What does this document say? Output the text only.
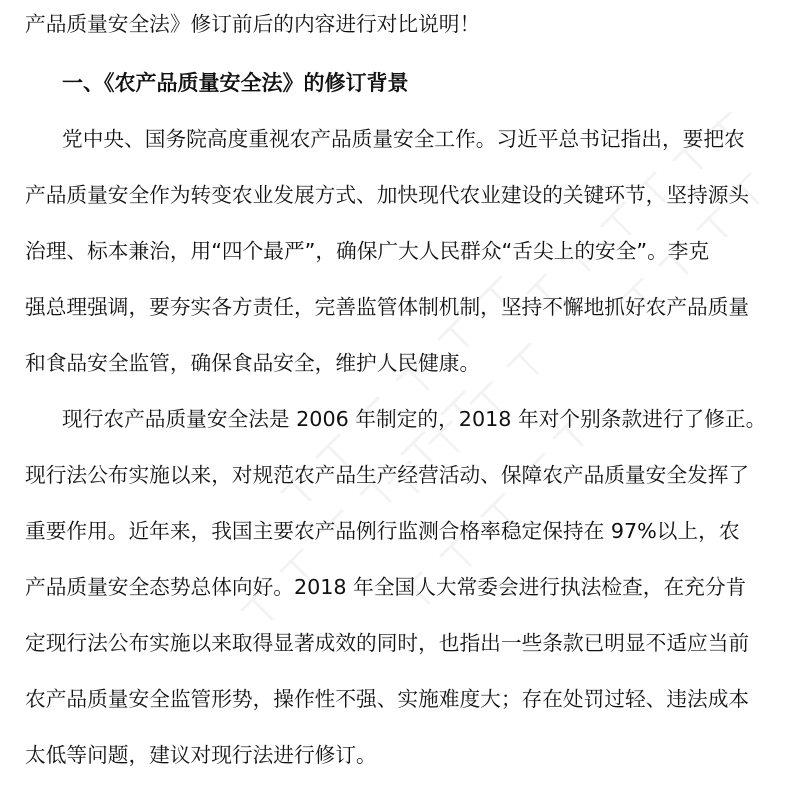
产品质量安全法》修订前后的内容进行对比说明！
一、《农产品质量安全法》的修订背景
党中央、国务院高度重视农产品质量安全工作。习近平总书记指出，要把农
产品质量安全作为转变农业发展方式、加快现代农业建设的关键环节，坚持源头
治理、标本兼治，用“四个最严”，确保广大人民群众“舌尖上的安全”。李克
强总理强调，要夯实各方责任，完善监管体制机制，坚持不懈地抓好农产品质量
和食品安全监管，确保食品安全，维护人民健康。
现行农产品质量安全法是 2006 年制定的，2018 年对个别条款进行了修正。
现行法公布实施以来，对规范农产品生产经营活动、保障农产品质量安全发挥了
重要作用。近年来，我国主要农产品例行监测合格率稳定保持在 97%以上，农
产品质量安全态势总体向好。2018 年全国人大常委会进行执法检查，在充分肯
定现行法公布实施以来取得显著成效的同时，也指出一些条款已明显不适应当前
农产品质量安全监管形势，操作性不强、实施难度大；存在处罚过轻、违法成本
太低等问题，建议对现行法进行修订。
